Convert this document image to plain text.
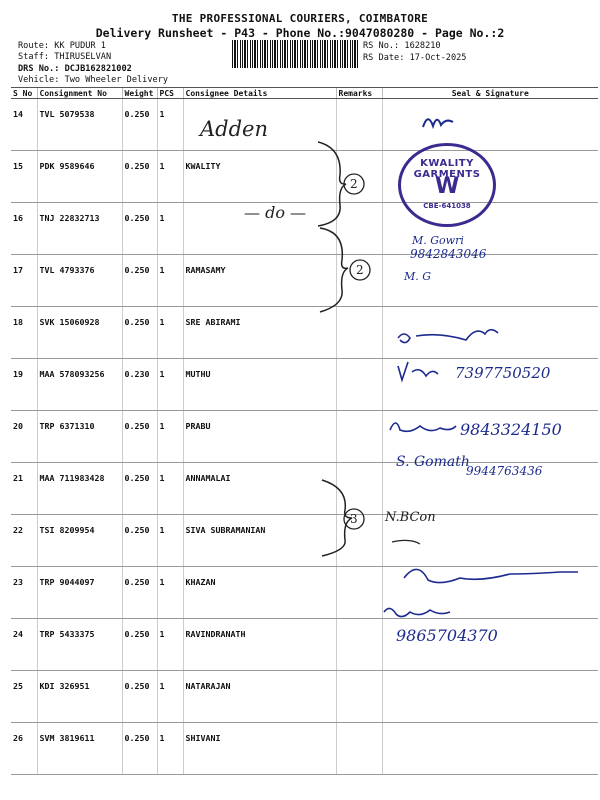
THE PROFESSIONAL COURIERS, COIMBATORE
Delivery Runsheet - P43 - Phone No.:9047080280 - Page No.:2
Route: KK PUDUR 1
Staff: THIRUSELVAN
DRS No.: DCJB162821002
Vehicle: Two Wheeler Delivery
RS No.: 1628210
RS Date: 17-Oct-2025
S No	Consignment No	Weight	PCS	Consignee Details	Remarks	Seal & Signature
14	TVL 5079538	0.250	1			
15	PDK 9589646	0.250	1	KWALITY		
16	TNJ 22832713	0.250	1			
17	TVL 4793376	0.250	1	RAMASAMY		
18	SVK 15060928	0.250	1	SRE ABIRAMI		
19	MAA 578093256	0.230	1	MUTHU		
20	TRP 6371310	0.250	1	PRABU		
21	MAA 711983428	0.250	1	ANNAMALAI		
22	TSI 8209954	0.250	1	SIVA SUBRAMANIAN		
23	TRP 9044097	0.250	1	KHAZAN		
24	TRP 5433375	0.250	1	RAVINDRANATH		
25	KDI 326951	0.250	1	NATARAJAN		
26	SVM 3819611	0.250	1	SHIVANI		
Adden
— do —
2
2
3
KWALITY GARMENTS
W
CBE-641038
M. Gowri
9842843046
M. G
7397750520
9843324150
S. Gomath
9944763436
N.BCon
9865704370
